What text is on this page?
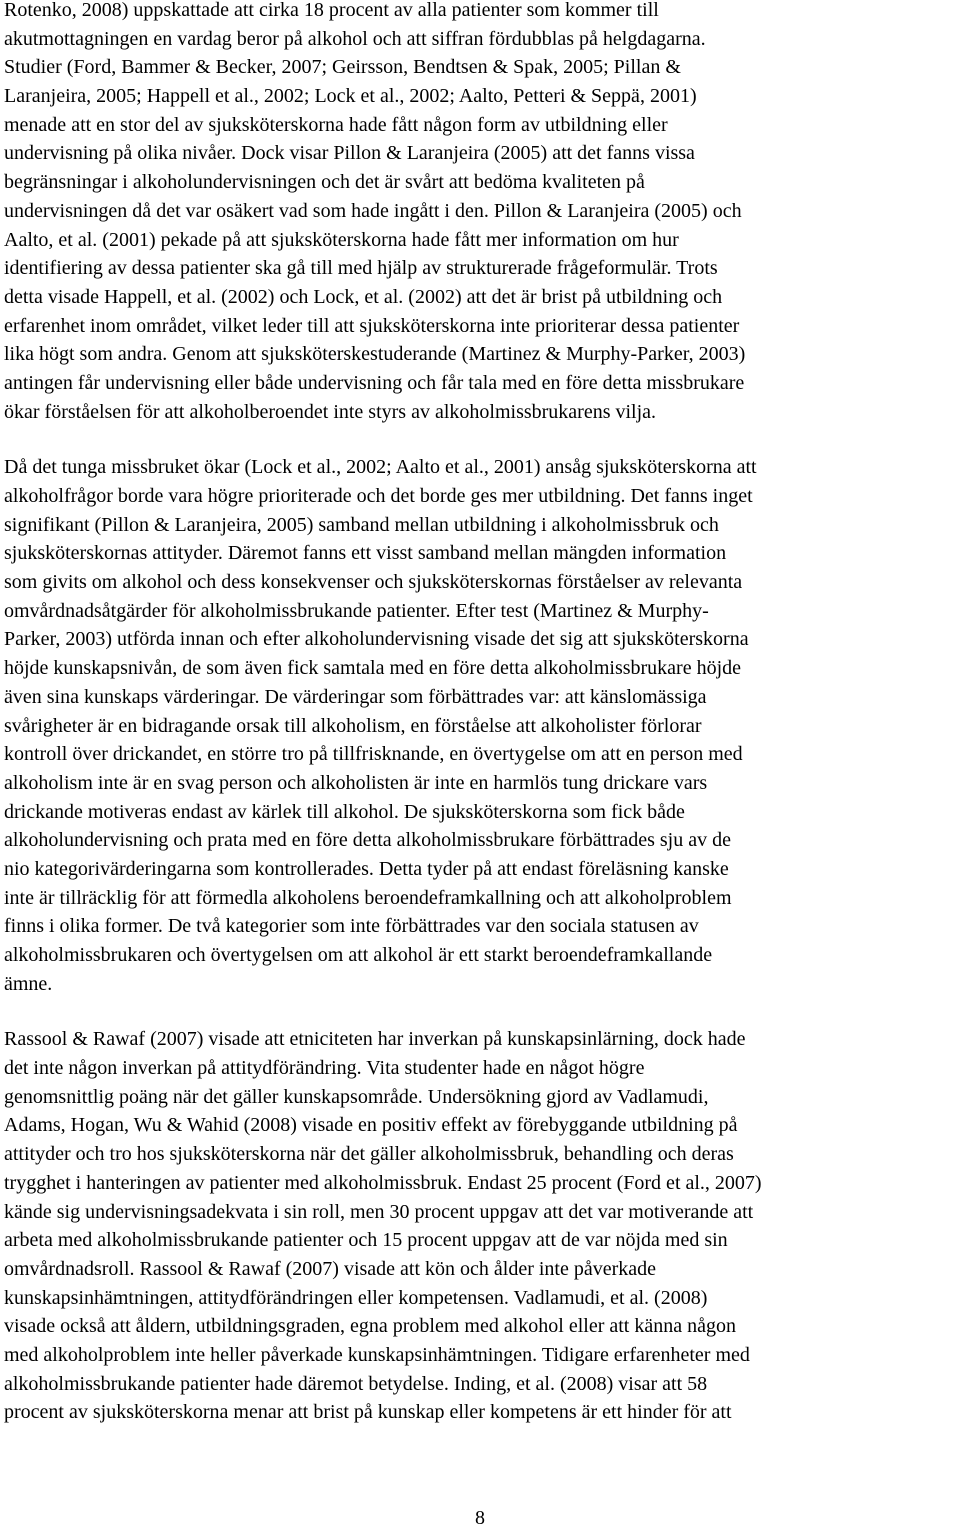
Rotenko, 2008) uppskattade att cirka 18 procent av alla patienter som kommer till
akutmottagningen en vardag beror på alkohol och att siffran fördubblas på helgdagarna.
Studier (Ford, Bammer & Becker, 2007; Geirsson, Bendtsen & Spak, 2005; Pillan &
Laranjeira, 2005; Happell et al., 2002; Lock et al., 2002; Aalto, Petteri & Seppä, 2001)
menade att en stor del av sjuksköterskorna hade fått någon form av utbildning eller
undervisning på olika nivåer. Dock visar Pillon & Laranjeira (2005) att det fanns vissa
begränsningar i alkoholundervisningen och det är svårt att bedöma kvaliteten på
undervisningen då det var osäkert vad som hade ingått i den. Pillon & Laranjeira (2005) och
Aalto, et al. (2001) pekade på att sjuksköterskorna hade fått mer information om hur
identifiering av dessa patienter ska gå till med hjälp av strukturerade frågeformulär. Trots
detta visade Happell, et al. (2002) och Lock, et al. (2002) att det är brist på utbildning och
erfarenhet inom området, vilket leder till att sjuksköterskorna inte prioriterar dessa patienter
lika högt som andra. Genom att sjuksköterskestuderande (Martinez & Murphy-Parker, 2003)
antingen får undervisning eller både undervisning och får tala med en före detta missbrukare
ökar förståelsen för att alkoholberoendet inte styrs av alkoholmissbrukarens vilja.
Då det tunga missbruket ökar (Lock et al., 2002; Aalto et al., 2001) ansåg sjuksköterskorna att
alkoholfrågor borde vara högre prioriterade och det borde ges mer utbildning. Det fanns inget
signifikant (Pillon & Laranjeira, 2005) samband mellan utbildning i alkoholmissbruk och
sjuksköterskornas attityder. Däremot fanns ett visst samband mellan mängden information
som givits om alkohol och dess konsekvenser och sjuksköterskornas förståelser av relevanta
omvårdnadsåtgärder för alkoholmissbrukande patienter. Efter test (Martinez & Murphy-
Parker, 2003) utförda innan och efter alkoholundervisning visade det sig att sjuksköterskorna
höjde kunskapsnivån, de som även fick samtala med en före detta alkoholmissbrukare höjde
även sina kunskaps värderingar. De värderingar som förbättrades var: att känslomässiga
svårigheter är en bidragande orsak till alkoholism, en förståelse att alkoholister förlorar
kontroll över drickandet, en större tro på tillfrisknande, en övertygelse om att en person med
alkoholism inte är en svag person och alkoholisten är inte en harmlös tung drickare vars
drickande motiveras endast av kärlek till alkohol. De sjuksköterskorna som fick både
alkoholundervisning och prata med en före detta alkoholmissbrukare förbättrades sju av de
nio kategorivärderingarna som kontrollerades. Detta tyder på att endast föreläsning kanske
inte är tillräcklig för att förmedla alkoholens beroendeframkallning och att alkoholproblem
finns i olika former. De två kategorier som inte förbättrades var den sociala statusen av
alkoholmissbrukaren och övertygelsen om att alkohol är ett starkt beroendeframkallande
ämne.
Rassool & Rawaf (2007) visade att etniciteten har inverkan på kunskapsinlärning, dock hade
det inte någon inverkan på attitydförändring. Vita studenter hade en något högre
genomsnittlig poäng när det gäller kunskapsområde. Undersökning gjord av Vadlamudi,
Adams, Hogan, Wu & Wahid (2008) visade en positiv effekt av förebyggande utbildning på
attityder och tro hos sjuksköterskorna när det gäller alkoholmissbruk, behandling och deras
trygghet i hanteringen av patienter med alkoholmissbruk. Endast 25 procent (Ford et al., 2007)
kände sig undervisningsadekvata i sin roll, men 30 procent uppgav att det var motiverande att
arbeta med alkoholmissbrukande patienter och 15 procent uppgav att de var nöjda med sin
omvårdnadsroll. Rassool & Rawaf (2007) visade att kön och ålder inte påverkade
kunskapsinhämtningen, attitydförändringen eller kompetensen. Vadlamudi, et al. (2008)
visade också att åldern, utbildningsgraden, egna problem med alkohol eller att känna någon
med alkoholproblem inte heller påverkade kunskapsinhämtningen. Tidigare erfarenheter med
alkoholmissbrukande patienter hade däremot betydelse. Inding, et al. (2008) visar att 58
procent av sjuksköterskorna menar att brist på kunskap eller kompetens är ett hinder för att
8
